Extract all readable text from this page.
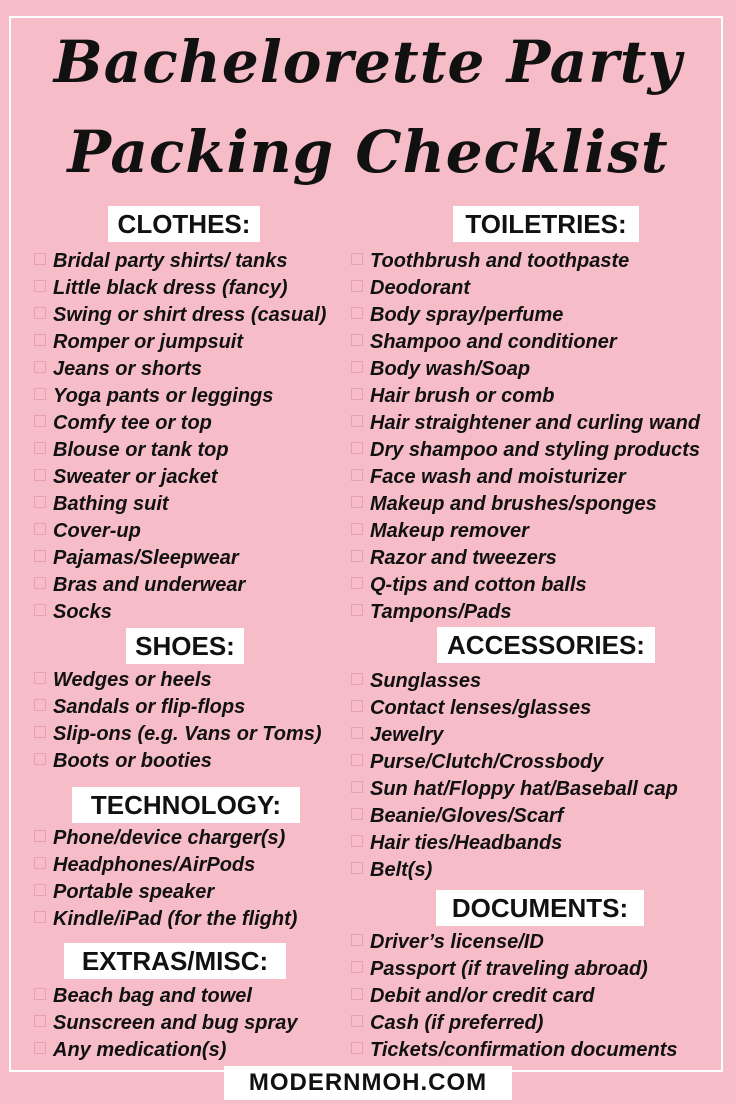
Bachelorette Party
Packing Checklist
CLOTHES:
Bridal party shirts/ tanks
Little black dress (fancy)
Swing or shirt dress (casual)
Romper or jumpsuit
Jeans or shorts
Yoga pants or leggings
Comfy tee or top
Blouse or tank top
Sweater or jacket
Bathing suit
Cover-up
Pajamas/Sleepwear
Bras and underwear
Socks
SHOES:
Wedges or heels
Sandals or flip-flops
Slip-ons (e.g. Vans or Toms)
Boots or booties
TECHNOLOGY:
Phone/device charger(s)
Headphones/AirPods
Portable speaker
Kindle/iPad (for the flight)
EXTRAS/MISC:
Beach bag and towel
Sunscreen and bug spray
Any medication(s)
TOILETRIES:
Toothbrush and toothpaste
Deodorant
Body spray/perfume
Shampoo and conditioner
Body wash/Soap
Hair brush or comb
Hair straightener and curling wand
Dry shampoo and styling products
Face wash and moisturizer
Makeup and brushes/sponges
Makeup remover
Razor and tweezers
Q-tips and cotton balls
Tampons/Pads
ACCESSORIES:
Sunglasses
Contact lenses/glasses
Jewelry
Purse/Clutch/Crossbody
Sun hat/Floppy hat/Baseball cap
Beanie/Gloves/Scarf
Hair ties/Headbands
Belt(s)
DOCUMENTS:
Driver’s license/ID
Passport (if traveling abroad)
Debit and/or credit card
Cash (if preferred)
Tickets/confirmation documents
MODERNMOH.COM
